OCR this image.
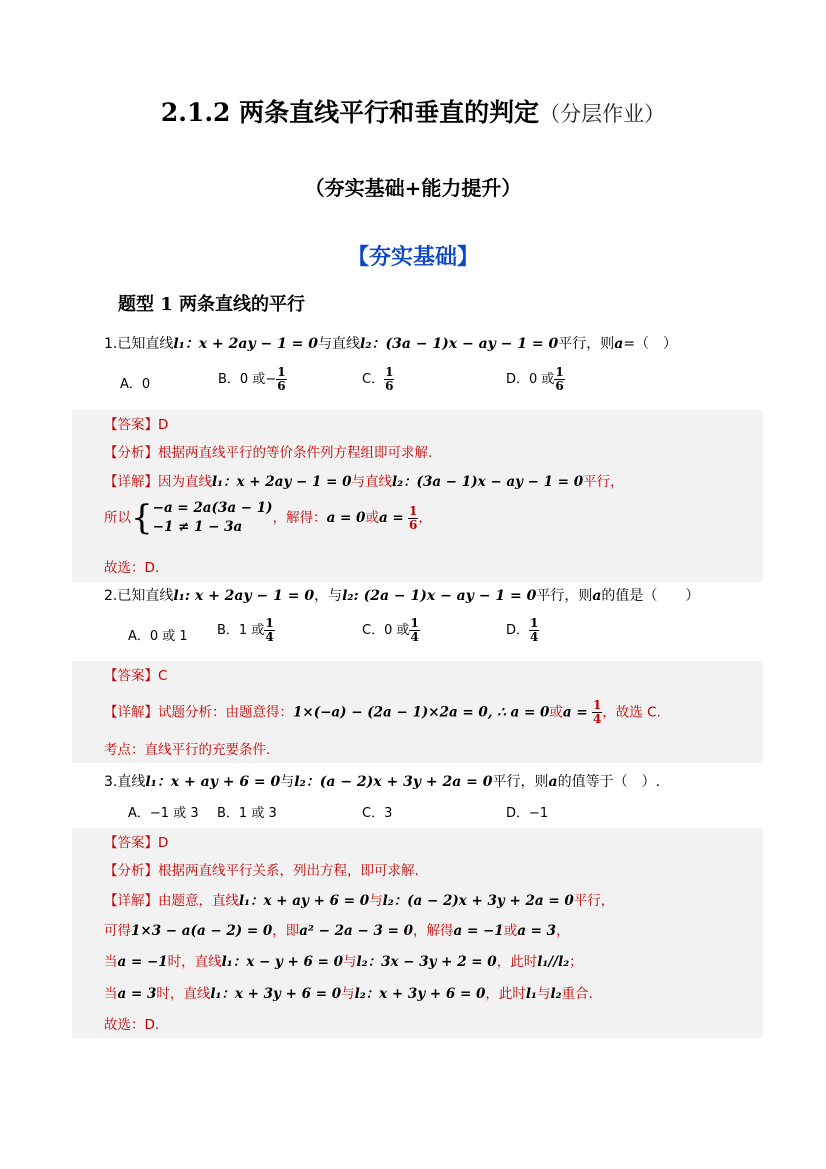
2.1.2 两条直线平行和垂直的判定（分层作业）
（夯实基础+能力提升）
【夯实基础】
题型 1 两条直线的平行
1.已知直线l₁：x + 2ay − 1 = 0与直线l₂：(3a − 1)x − ay − 1 = 0平行，则a=（　）
A．0	B．0 或− $\frac{1}{6}$	C． $\frac{1}{6}$	D．0 或 $\frac{1}{6}$
【答案】D
【分析】根据两直线平行的等价条件列方程组即可求解.
【详解】因为直线l₁：x + 2ay − 1 = 0与直线l₂：(3a − 1)x − ay − 1 = 0平行，
所以{ −a = 2a(3a − 1)
−1 ≠ 1 − 3a
，解得：a = 0或$a = \frac{1}{6}$ ，
故选：D.
2.已知直线l₁: x + 2ay − 1 = 0，与l₂: (2a − 1)x − ay − 1 = 0平行，则a的值是（　　）
A．0 或 1 B．1 或 $\frac{1}{4}$	C．0 或 $\frac{1}{4}$	D． $\frac{1}{4}$
【答案】C
【详解】试题分析：由题意得：1×(−a) − (2a − 1)×2a = 0, ∴ a = 0或$a = \frac{1}{4}$ ，故选 C.
考点：直线平行的充要条件.
3.直线l₁：x + ay + 6 = 0与l₂：(a − 2)x + 3y + 2a = 0平行，则a的值等于（　）.
A．−1 或 3 B．1 或 3	C．3	D．−1
【答案】D
【分析】根据两直线平行关系，列出方程，即可求解.
【详解】由题意，直线l₁：x + ay + 6 = 0与l₂：(a − 2)x + 3y + 2a = 0平行，
可得1×3 − a(a − 2) = 0，即a² − 2a − 3 = 0，解得a = −1或a = 3，
当a = −1时，直线l₁：x − y + 6 = 0与l₂：3x − 3y + 2 = 0，此时l₁//l₂；
当a = 3时，直线l₁：x + 3y + 6 = 0与l₂：x + 3y + 6 = 0，此时l₁与l₂重合.
故选：D.
